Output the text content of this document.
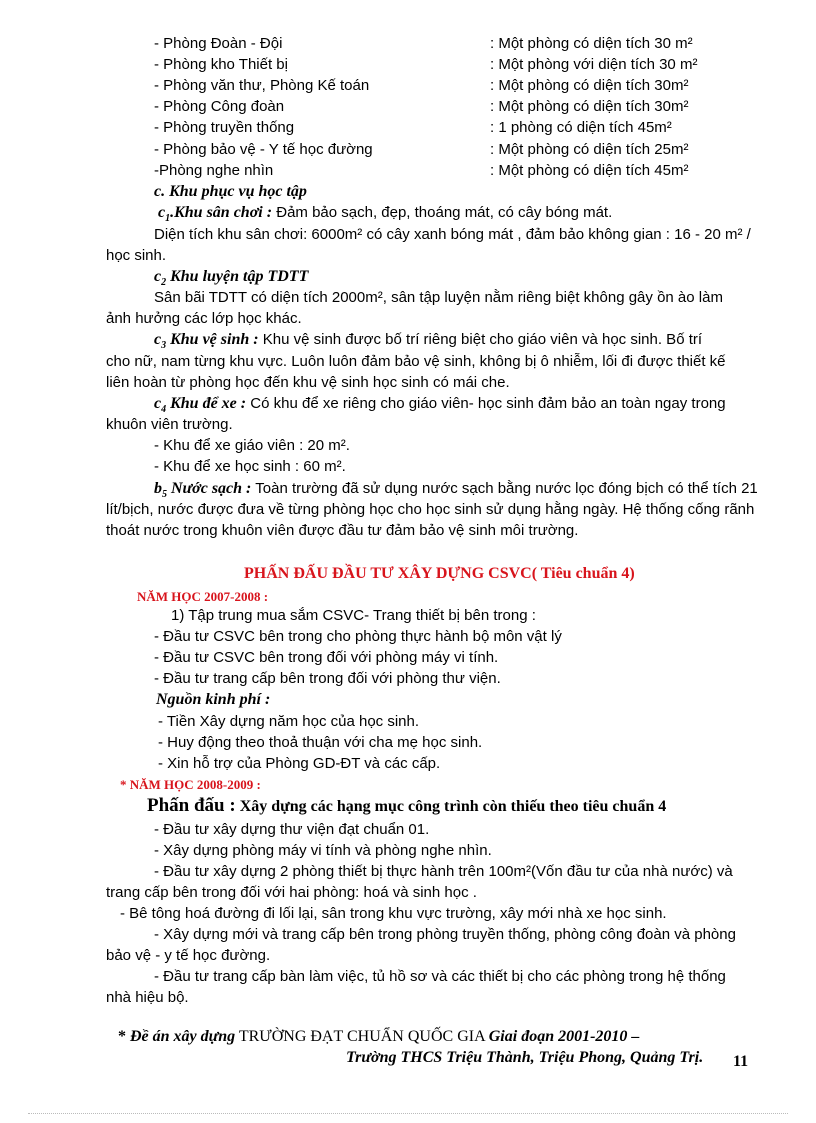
- Phòng Đoàn - Đội	: Một phòng có diện tích 30 m²
- Phòng kho Thiết bị	: Một phòng với diện tích 30 m²
- Phòng văn thư, Phòng Kế toán	: Một phòng có diện tích 30m²
- Phòng Công đoàn	: Một phòng có diện tích 30m²
- Phòng truyền thống	: 1 phòng có diện tích 45m²
- Phòng bảo vệ - Y tế học đường	: Một phòng có diện tích 25m²
-Phòng nghe nhìn	: Một phòng có diện tích 45m²
c. Khu phục vụ học tập
$c_1.Khu$ sân chơi : Đảm bảo sạch, đẹp, thoáng mát, có cây bóng mát.
Diện tích khu sân chơi: 6000m² có cây xanh bóng mát , đảm bảo không gian : 16 - 20 m² /
học sinh.
$c_2$ Khu luyện tập TDTT
Sân bãi TDTT có diện tích 2000m², sân tập luyện nằm riêng biệt không gây ồn ào làm
ảnh hưởng các lớp học khác.
$c_3$ Khu vệ sinh : Khu vệ sinh được bố trí riêng biệt cho giáo viên và học sinh. Bố trí
cho nữ, nam từng khu vực. Luôn luôn đảm bảo vệ sinh, không bị ô nhiễm, lối đi được thiết kế
liên hoàn từ phòng học đến khu vệ sinh học sinh có mái che.
$c_4$ Khu để xe : Có khu để xe riêng cho giáo viên- học sinh đảm bảo an toàn ngay trong
khuôn viên trường.
- Khu để xe giáo viên : 20 m².
- Khu để xe học sinh : 60 m².
$b_5$ Nước sạch : Toàn trường đã sử dụng nước sạch bằng nước lọc đóng bịch có thể tích 21
lít/bịch, nước được đưa về từng phòng học cho học sinh sử dụng hằng ngày. Hệ thống cống rãnh
thoát nước trong khuôn viên được đầu tư đảm bảo vệ sinh môi trường.
PHẤN ĐẤU ĐẦU TƯ XÂY DỰNG CSVC( Tiêu chuẩn 4)
NĂM HỌC 2007-2008 :
1) Tập trung mua sắm CSVC- Trang thiết bị bên trong :
- Đầu tư CSVC bên trong cho phòng thực hành bộ môn vật lý
- Đầu tư CSVC bên trong đối với phòng máy vi tính.
- Đầu tư trang cấp bên trong đối với phòng thư viện.
Nguồn kinh phí :
- Tiền Xây dựng năm học của học sinh.
- Huy động theo thoả thuận với cha mẹ học sinh.
- Xin hỗ trợ của Phòng GD-ĐT và các cấp.
* NĂM HỌC 2008-2009 :
Phấn đấu : Xây dựng các hạng mục công trình còn thiếu theo tiêu chuẩn 4
- Đầu tư xây dựng thư viện đạt chuẩn 01.
- Xây dựng phòng máy vi tính và phòng nghe nhìn.
- Đầu tư xây dựng 2 phòng thiết bị thực hành trên 100m²(Vốn đầu tư của nhà nước) và
trang cấp bên trong đối với hai phòng: hoá và sinh học .
- Bê tông hoá đường đi lối lại, sân trong khu vực trường, xây mới nhà xe học sinh.
- Xây dựng mới và trang cấp bên trong phòng truyền thống, phòng công đoàn và phòng
bảo vệ - y tế học đường.
- Đầu tư trang cấp bàn làm việc, tủ hồ sơ và các thiết bị cho các phòng trong hệ thống
nhà hiệu bộ.
* Đề án xây dựng TRƯỜNG ĐẠT CHUẨN QUỐC GIA Giai đoạn 2001-2010 –
Trường THCS Triệu Thành, Triệu Phong, Quảng Trị. 11
